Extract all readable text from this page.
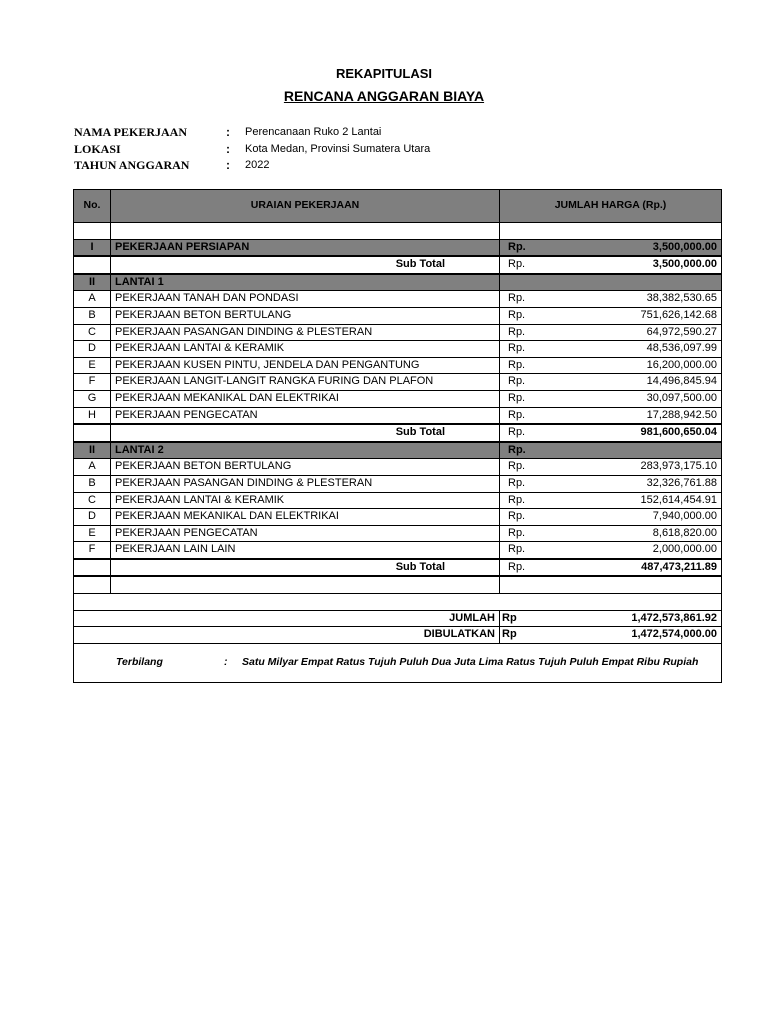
REKAPITULASI
RENCANA ANGGARAN BIAYA
NAMA PEKERJAAN	: Perencanaan Ruko 2 Lantai
LOKASI	: Kota Medan, Provinsi Sumatera Utara
TAHUN ANGGARAN	: 2022
No.	URAIAN PEKERJAAN	JUMLAH HARGA (Rp.)

I	PEKERJAAN PERSIAPAN	Rp. 3,500,000.00

	Sub Total	Rp. 3,500,000.00

II	LANTAI 1	

A	PEKERJAAN TANAH DAN PONDASI	Rp. 38,382,530.65

B	PEKERJAAN BETON BERTULANG	Rp. 751,626,142.68

C	PEKERJAAN PASANGAN DINDING & PLESTERAN	Rp. 64,972,590.27

D	PEKERJAAN LANTAI & KERAMIK	Rp. 48,536,097.99

E	PEKERJAAN KUSEN PINTU, JENDELA DAN PENGANTUNG	Rp. 16,200,000.00

F	PEKERJAAN LANGIT-LANGIT RANGKA FURING DAN PLAFON	Rp. 14,496,845.94

G	PEKERJAAN MEKANIKAL DAN ELEKTRIKAI	Rp. 30,097,500.00

H	PEKERJAAN PENGECATAN	Rp. 17,288,942.50

	Sub Total	Rp. 981,600,650.04

II	LANTAI 2	Rp.

A	PEKERJAAN BETON BERTULANG	Rp. 283,973,175.10

B	PEKERJAAN PASANGAN DINDING & PLESTERAN	Rp. 32,326,761.88

C	PEKERJAAN LANTAI & KERAMIK	Rp. 152,614,454.91

D	PEKERJAAN MEKANIKAL DAN ELEKTRIKAI	Rp. 7,940,000.00

E	PEKERJAAN PENGECATAN	Rp. 8,618,820.00

F	PEKERJAAN LAIN LAIN	Rp. 2,000,000.00

	Sub Total	Rp. 487,473,211.89

JUMLAH		Rp 1,472,573,861.92

DIBULATKAN		Rp 1,472,574,000.00

Terbilang : Satu Milyar Empat Ratus Tujuh Puluh Dua Juta Lima Ratus Tujuh Puluh Empat Ribu Rupiah		
